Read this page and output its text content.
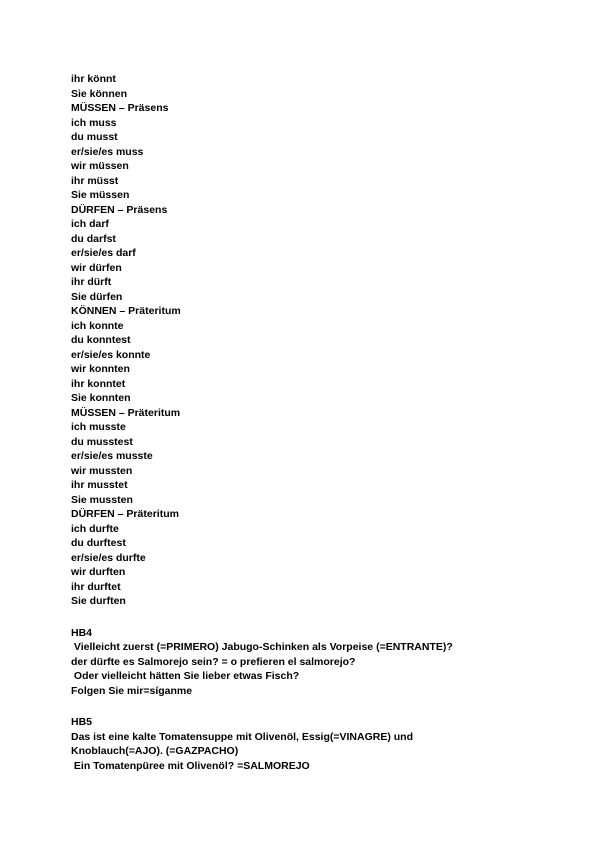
ihr könnt
Sie können
MÜSSEN – Präsens
ich muss
du musst
er/sie/es muss
wir müssen
ihr müsst
Sie müssen
DÜRFEN – Präsens
ich darf
du darfst
er/sie/es darf
wir dürfen
ihr dürft
Sie dürfen
KÖNNEN – Präteritum
ich konnte
du konntest
er/sie/es konnte
wir konnten
ihr konntet
Sie konnten
MÜSSEN – Präteritum
ich musste
du musstest
er/sie/es musste
wir mussten
ihr musstet
Sie mussten
DÜRFEN – Präteritum
ich durfte
du durftest
er/sie/es durfte
wir durften
ihr durftet
Sie durften
HB4
Vielleicht zuerst (=PRIMERO) Jabugo-Schinken als Vorpeise (=ENTRANTE)?
der dürfte es Salmorejo sein? = o prefieren el salmorejo?
Oder vielleicht hätten Sie lieber etwas Fisch?
Folgen Sie mir=síganme
HB5
Das ist eine kalte Tomatensuppe mit Olivenöl, Essig(=VINAGRE) und
Knoblauch(=AJO). (=GAZPACHO)
Ein Tomatenpüree mit Olivenöl? =SALMOREJO
